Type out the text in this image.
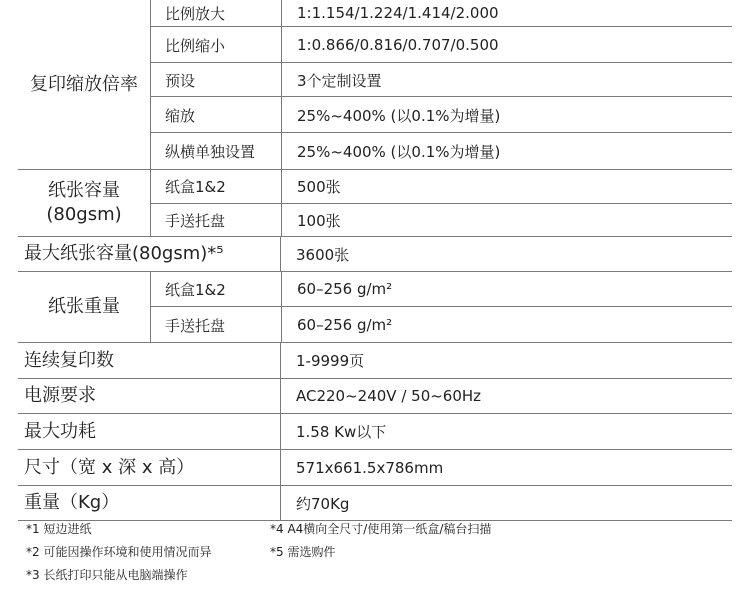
复印缩放倍率
比例放大	1:1.154/1.224/1.414/2.000
比例缩小	1:0.866/0.816/0.707/0.500
预设	3个定制设置
缩放	25%~400% (以0.1%为增量)
纵横单独设置	25%~400% (以0.1%为增量)
纸张容量
(80gsm)
纸盒1&2	500张
手送托盘	100张
最大纸张容量(80gsm)*⁵	3600张
纸张重量
纸盒1&2	60–256 g/m²
手送托盘	60–256 g/m²
连续复印数	1-9999页
电源要求	AC220~240V / 50~60Hz
最大功耗	1.58 Kw以下
尺寸（宽 x 深 x 高）	571x661.5x786mm
重量（Kg）	约70Kg
*1 短边进纸
*2 可能因操作环境和使用情况而异
*3 长纸打印只能从电脑端操作
*4 A4横向全尺寸/使用第一纸盒/稿台扫描
*5 需选购件
